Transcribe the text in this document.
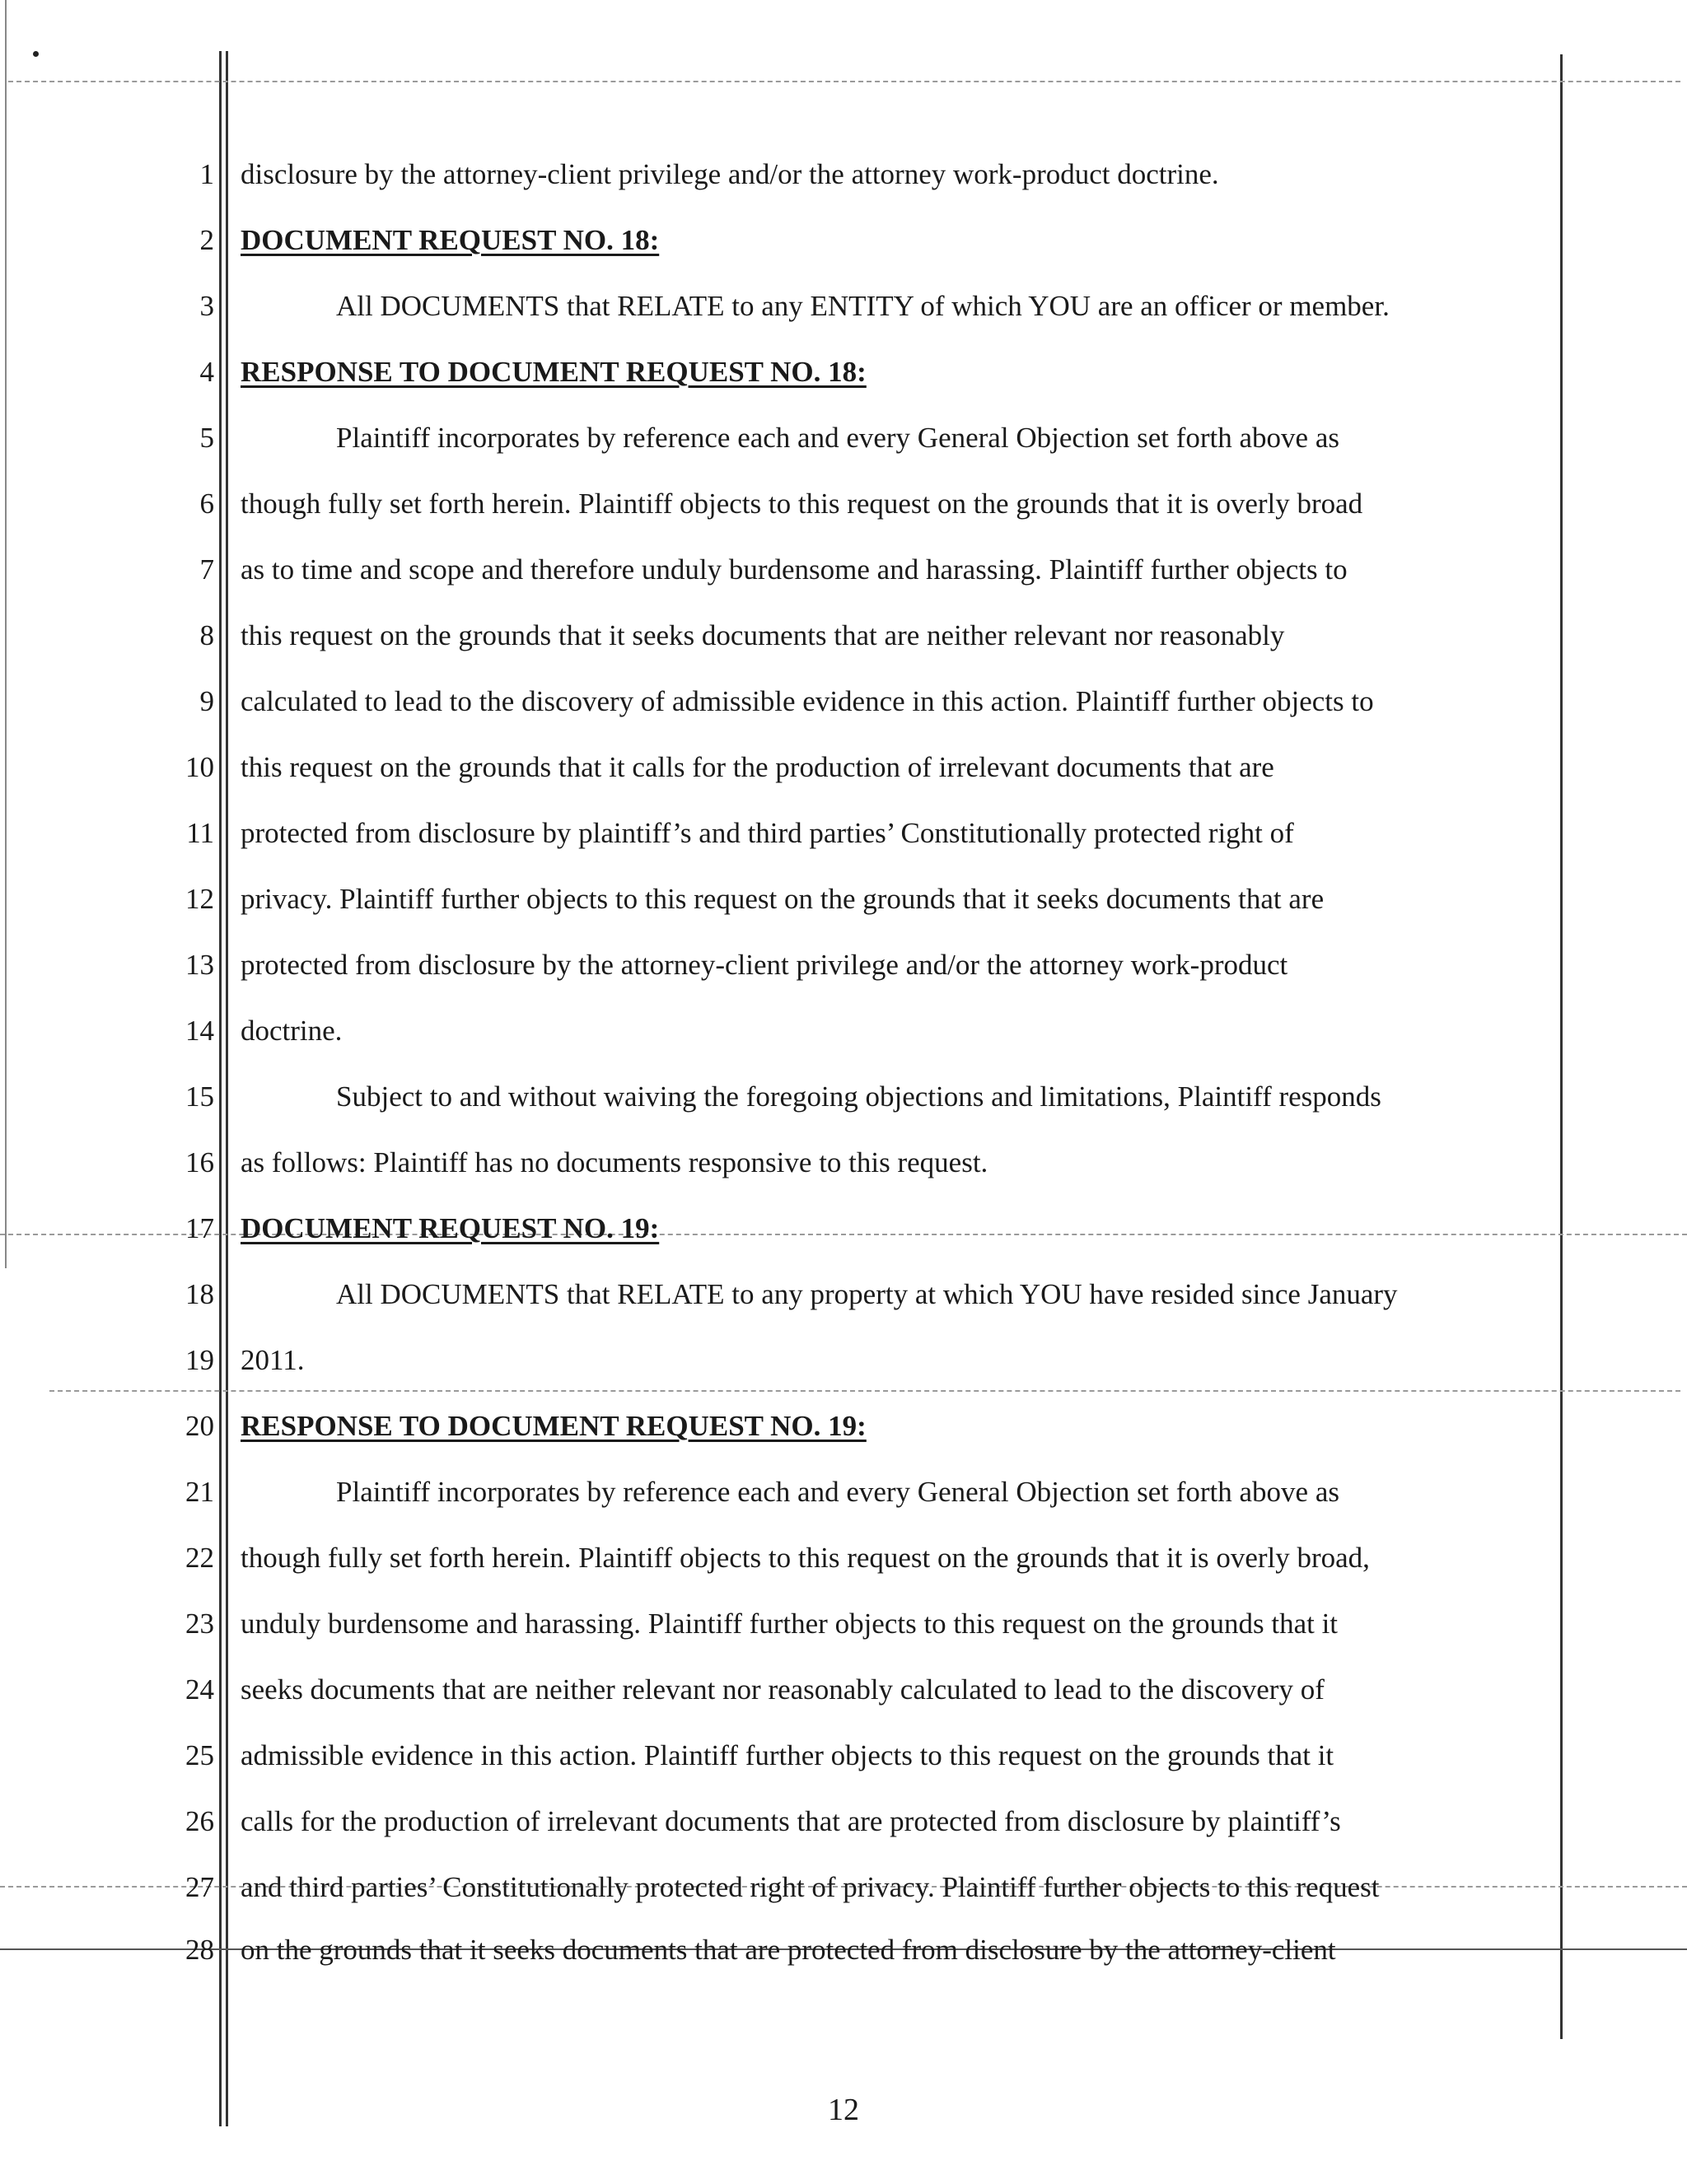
1 disclosure by the attorney-client privilege and/or the attorney work-product doctrine.
2 DOCUMENT REQUEST NO. 18:
3	All DOCUMENTS that RELATE to any ENTITY of which YOU are an officer or member.
4 RESPONSE TO DOCUMENT REQUEST NO. 18:
5	Plaintiff incorporates by reference each and every General Objection set forth above as
6 though fully set forth herein. Plaintiff objects to this request on the grounds that it is overly broad
7 as to time and scope and therefore unduly burdensome and harassing. Plaintiff further objects to
8 this request on the grounds that it seeks documents that are neither relevant nor reasonably
9 calculated to lead to the discovery of admissible evidence in this action. Plaintiff further objects to
10 this request on the grounds that it calls for the production of irrelevant documents that are
11 protected from disclosure by plaintiff’s and third parties’ Constitutionally protected right of
12 privacy. Plaintiff further objects to this request on the grounds that it seeks documents that are
13 protected from disclosure by the attorney-client privilege and/or the attorney work-product
14 doctrine.
15	Subject to and without waiving the foregoing objections and limitations, Plaintiff responds
16 as follows: Plaintiff has no documents responsive to this request.
17 DOCUMENT REQUEST NO. 19:
18	All DOCUMENTS that RELATE to any property at which YOU have resided since January
19 2011.
20 RESPONSE TO DOCUMENT REQUEST NO. 19:
21	Plaintiff incorporates by reference each and every General Objection set forth above as
22 though fully set forth herein. Plaintiff objects to this request on the grounds that it is overly broad,
23 unduly burdensome and harassing. Plaintiff further objects to this request on the grounds that it
24 seeks documents that are neither relevant nor reasonably calculated to lead to the discovery of
25 admissible evidence in this action. Plaintiff further objects to this request on the grounds that it
26 calls for the production of irrelevant documents that are protected from disclosure by plaintiff’s
27 and third parties’ Constitutionally protected right of privacy. Plaintiff further objects to this request
28 on the grounds that it seeks documents that are protected from disclosure by the attorney-client
12
